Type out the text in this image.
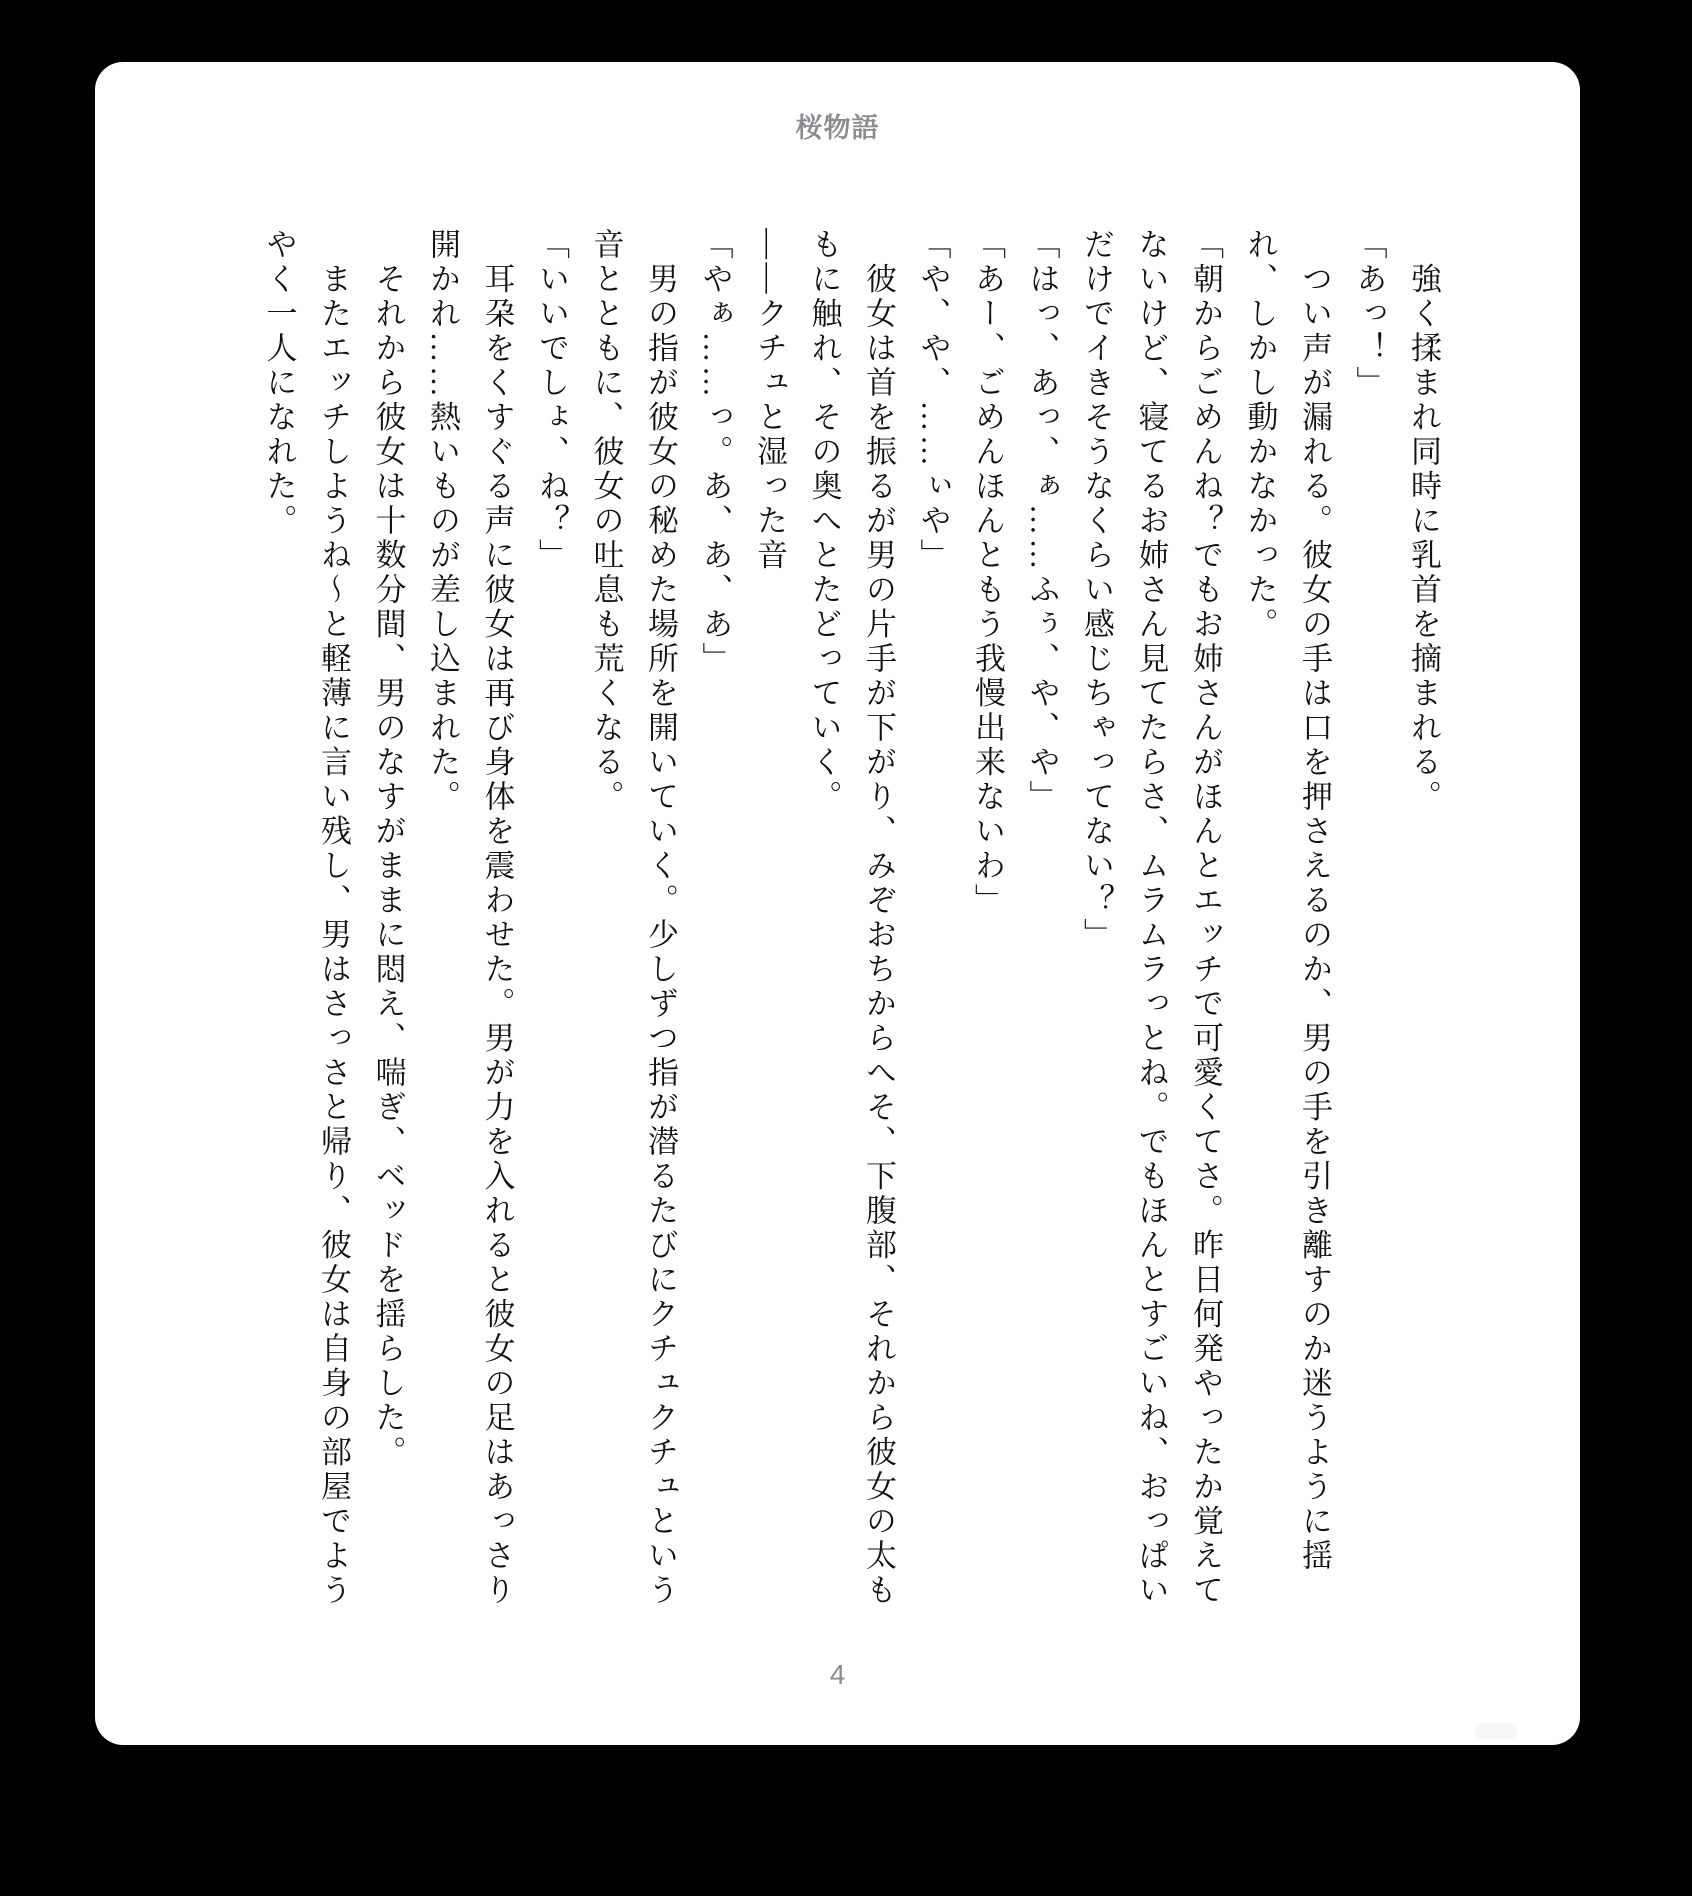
桜物語
　強く揉まれ同時に乳首を摘まれる。
「あっ！」
　つい声が漏れる。彼女の手は口を押さえるのか、男の手を引き離すのか迷うように揺
れ、しかし動かなかった。
「朝からごめんね？でもお姉さんがほんとエッチで可愛くてさ。昨日何発やったか覚えて
ないけど、寝てるお姉さん見てたらさ、ムラムラっとね。でもほんとすごいね、おっぱい
だけでイきそうなくらい感じちゃってない？」
「はっ、あっ、ぁ……ふぅ、や、や」
「あー、ごめんほんともう我慢出来ないわ」
「や、や、……ぃや」
　彼女は首を振るが男の片手が下がり、みぞおちからへそ、下腹部、それから彼女の太も
もに触れ、その奥へとたどっていく。
――クチュと湿った音
「やぁ……っ。あ、あ、あ」
　男の指が彼女の秘めた場所を開いていく。少しずつ指が潜るたびにクチュクチュという
音とともに、彼女の吐息も荒くなる。
「いいでしょ、ね？」
　耳朶をくすぐる声に彼女は再び身体を震わせた。男が力を入れると彼女の足はあっさり
開かれ……熱いものが差し込まれた。
　それから彼女は十数分間、男のなすがままに悶え、喘ぎ、ベッドを揺らした。
　またエッチしようね〜と軽薄に言い残し、男はさっさと帰り、彼女は自身の部屋でよう
やく一人になれた。
4
